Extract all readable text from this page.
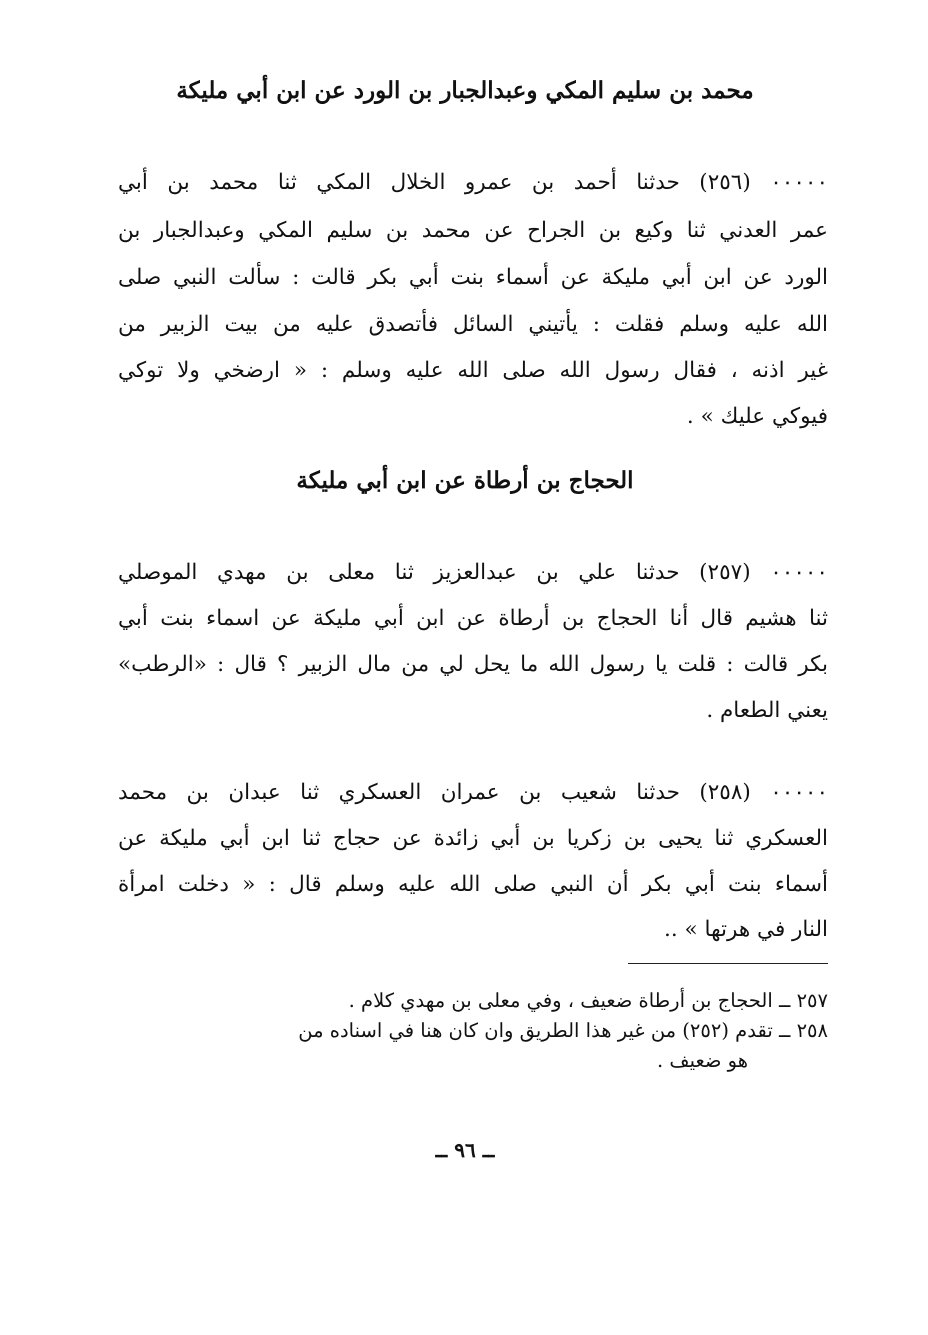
محمد بن سليم المكي وعبدالجبار بن الورد عن ابن أبي مليكة
٠٠٠٠٠ (٢٥٦) حدثنا أحمد بن عمرو الخلال المكي ثنا محمد بن أبي
عمر العدني ثنا وكيع بن الجراح عن محمد بن سليم المكي وعبدالجبار بن
الورد عن ابن أبي مليكة عن أسماء بنت أبي بكر قالت : سألت النبي صلى
الله عليه وسلم فقلت : يأتيني السائل فأتصدق عليه من بيت الزبير من
غير اذنه ، فقال رسول الله صلى الله عليه وسلم : « ارضخي ولا توكي
فيوكي عليك » .
الحجاج بن أرطاة عن ابن أبي مليكة
٠٠٠٠٠ (٢٥٧) حدثنا علي بن عبدالعزيز ثنا معلى بن مهدي الموصلي
ثنا هشيم قال أنا الحجاج بن أرطاة عن ابن أبي مليكة عن اسماء بنت أبي
بكر قالت : قلت يا رسول الله ما يحل لي من مال الزبير ؟ قال : «الرطب»
يعني الطعام .
٠٠٠٠٠ (٢٥٨) حدثنا شعيب بن عمران العسكري ثنا عبدان بن محمد
العسكري ثنا يحيى بن زكريا بن أبي زائدة عن حجاج ثنا ابن أبي مليكة عن
أسماء بنت أبي بكر أن النبي صلى الله عليه وسلم قال : « دخلت امرأة
النار في هرتها » ..
٢٥٧ ــ الحجاج بن أرطاة ضعيف ، وفي معلى بن مهدي كلام .
٢٥٨ ــ تقدم (٢٥٢) من غير هذا الطريق وان كان هنا في اسناده من
هو ضعيف .
ــ ٩٦ ــ
